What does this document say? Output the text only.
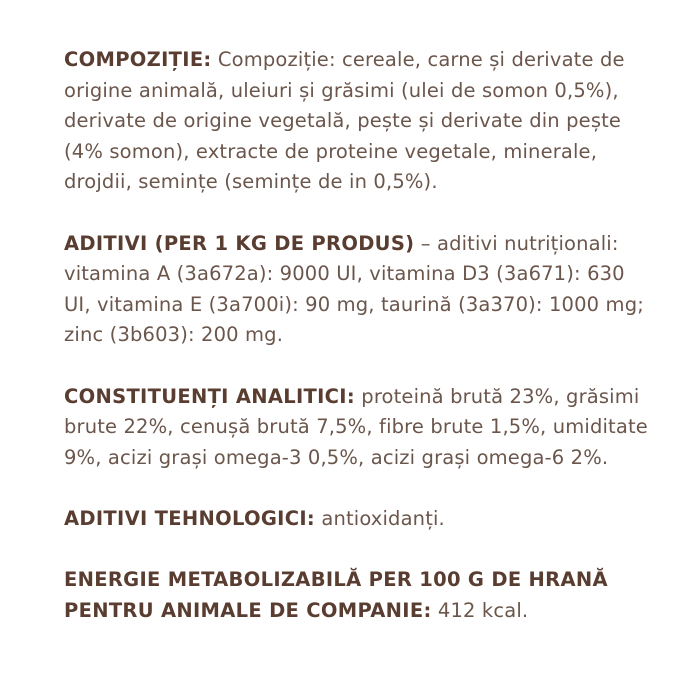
COMPOZIȚIE: Compoziție: cereale, carne și derivate de origine animală, uleiuri și grăsimi (ulei de somon 0,5%), derivate de origine vegetală, pește și derivate din pește (4% somon), extracte de proteine vegetale, minerale, drojdii, semințe (semințe de in 0,5%).

ADITIVI (PER 1 KG DE PRODUS) – aditivi nutriționali: vitamina A (3a672a): 9000 UI, vitamina D3 (3a671): 630 UI, vitamina E (3a700i): 90 mg, taurină (3a370): 1000 mg; zinc (3b603): 200 mg.

CONSTITUENȚI ANALITICI: proteină brută 23%, grăsimi brute 22%, cenușă brută 7,5%, fibre brute 1,5%, umiditate 9%, acizi grași omega-3 0,5%, acizi grași omega-6 2%.

ADITIVI TEHNOLOGICI: antioxidanți.

ENERGIE METABOLIZABILĂ PER 100 G DE HRANĂ PENTRU ANIMALE DE COMPANIE: 412 kcal.
